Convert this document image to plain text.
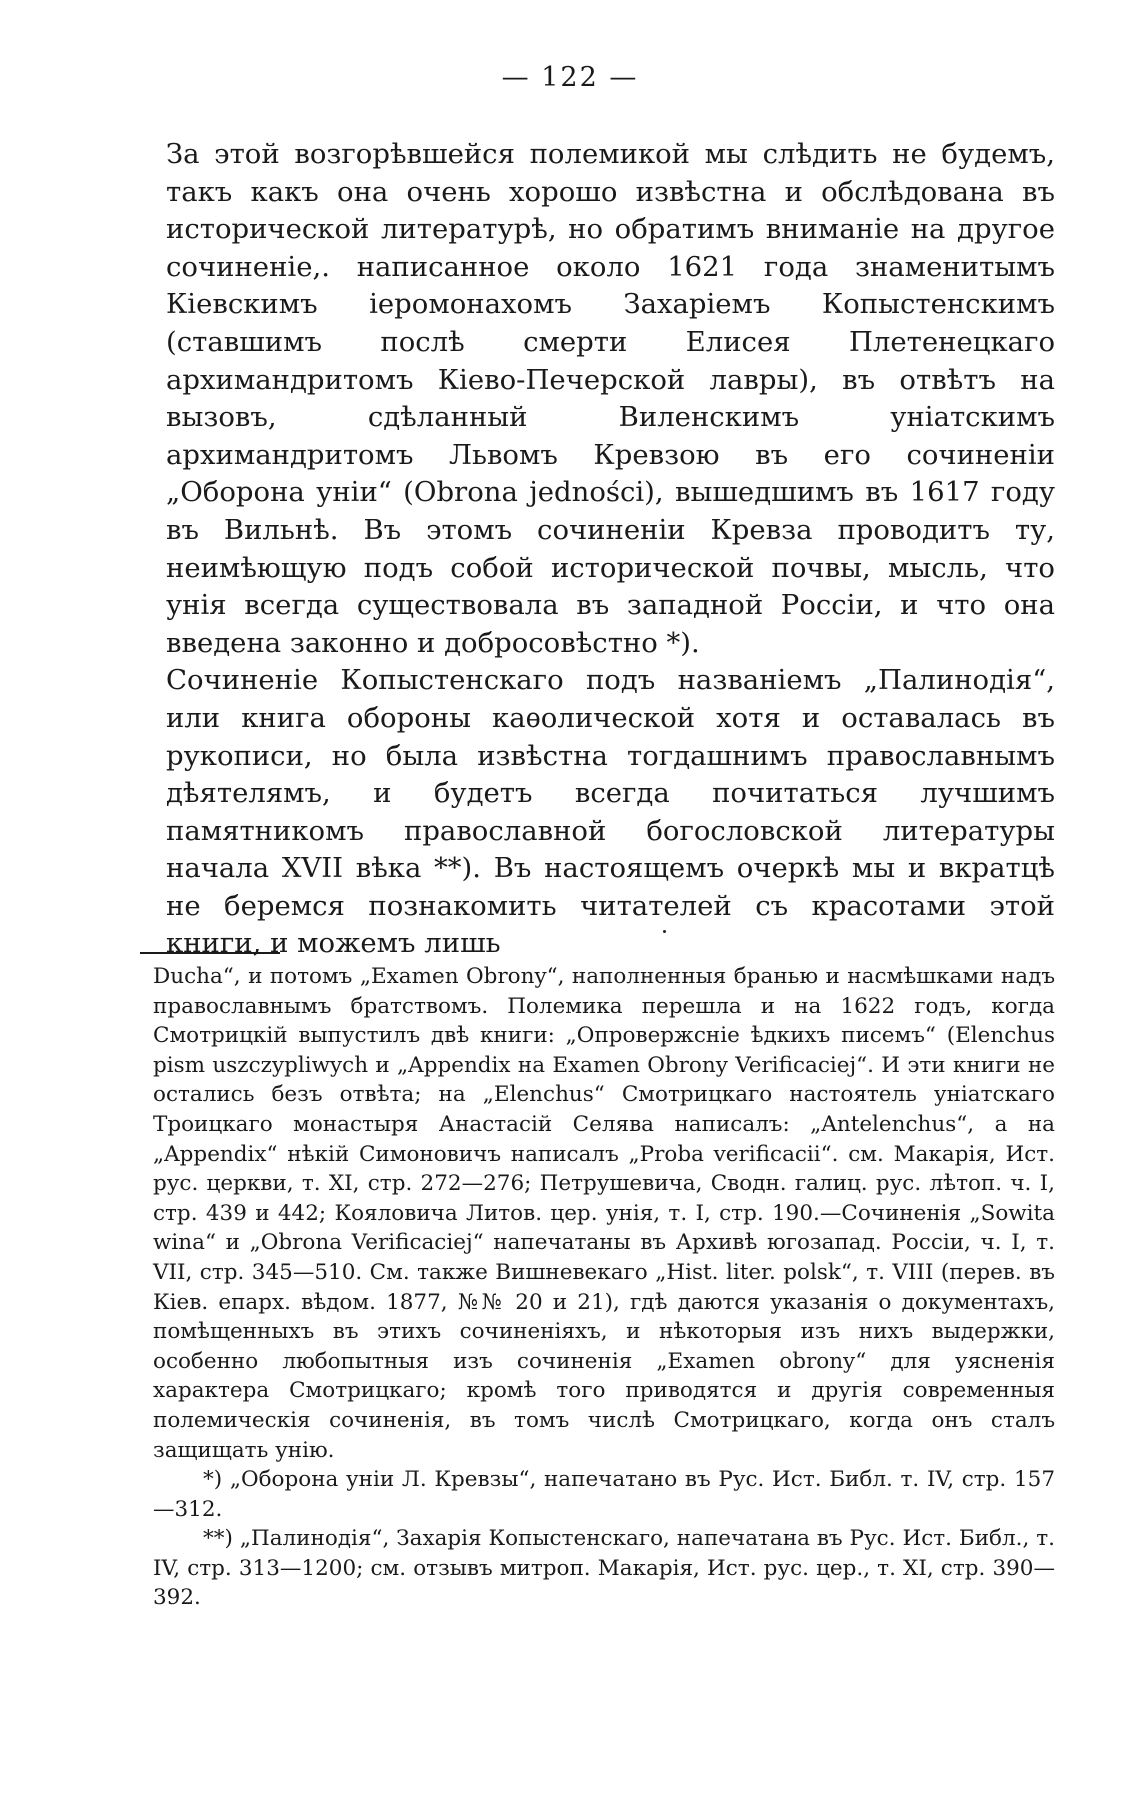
— 122 —

За этой возгорѣвшейся полемикой мы слѣдить не будемъ, такъ какъ она очень хорошо извѣстна и обслѣдована въ исторической литературѣ, но обратимъ вниманіе на другое сочиненіе,. написанное около 1621 года знаменитымъ Кіевскимъ іеромонахомъ Захаріемъ Копыстенскимъ (ставшимъ послѣ смерти Елисея Плетенецкаго архимандритомъ Кіево-Печерской лавры), въ отвѣтъ на вызовъ, сдѣланный Виленскимъ уніатскимъ архимандритомъ Львомъ Кревзою въ его сочиненіи „Оборона уніи“ (Obrona jedności), вышедшимъ въ 1617 году въ Вильнѣ. Въ этомъ сочиненіи Кревза проводитъ ту, неимѣющую подъ собой исторической почвы, мысль, что унія всегда существовала въ западной Россіи, и что она введена законно и добросовѣстно *).

Сочиненіе Копыстенскаго подъ названіемъ „Палинодія“, или книга обороны каѳолической хотя и оставалась въ рукописи, но была извѣстна тогдашнимъ православнымъ дѣятелямъ, и будетъ всегда почитаться лучшимъ памятникомъ православной богословской литературы начала XVII вѣка **). Въ настоящемъ очеркѣ мы и вкратцѣ не беремся познакомить читателей съ красотами этой книги, и можемъ лишь

Ducha“, и потомъ „Examen Obrony“, наполненныя бранью и насмѣшками надъ православнымъ братствомъ. Полемика перешла и на 1622 годъ, когда Смотрицкій выпустилъ двѣ книги: „Опровержсніе ѣдкихъ писемъ“ (Elenchus pism uszczypliwych и „Appendix на Examen Obrony Verificaciej“. И эти книги не остались безъ отвѣта; на „Elenchus“ Смотрицкаго настоятель уніатскаго Троицкаго монастыря Анастасій Селява написалъ: „Antelenchus“, а на „Appendix“ нѣкій Симоновичъ написалъ „Proba verificacii“. см. Макарія, Ист. рус. церкви, т. XI, стр. 272—276; Петрушевича, Сводн. галиц. рус. лѣтоп. ч. I, стр. 439 и 442; Кояловича Литов. цер. унія, т. I, стр. 190.—Сочиненія „Sowita wina“ и „Obrona Verificaciej“ напечатаны въ Архивѣ югозапад. Россіи, ч. I, т. VII, стр. 345—510. См. также Вишневекаго „Hist. liter. polsk“, т. VIII (перев. въ Кіев. епарх. вѣдом. 1877, №№ 20 и 21), гдѣ даются указанія о документахъ, помѣщенныхъ въ этихъ сочиненіяхъ, и нѣкоторыя изъ нихъ выдержки, особенно любопытныя изъ сочиненія „Examen obrony“ для уясненія характера Смотрицкаго; кромѣ того приводятся и другія современныя полемическія сочиненія, въ томъ числѣ Смотрицкаго, когда онъ сталъ защищать унію.

*) „Оборона уніи Л. Кревзы“, напечатано въ Рус. Ист. Библ. т. IV, стр. 157—312.

**) „Палинодія“, Захарія Копыстенскаго, напечатана въ Рус. Ист. Библ., т. IV, стр. 313—1200; см. отзывъ митроп. Макарія, Ист. рус. цер., т. XI, стр. 390—392.
